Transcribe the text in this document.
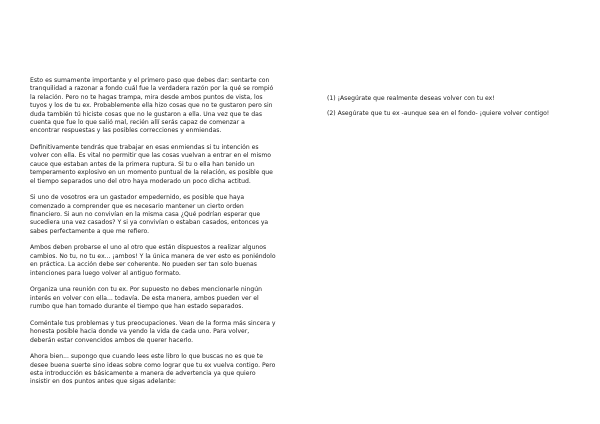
Esto es sumamente importante y el primero paso que debes dar: sentarte con tranquilidad a razonar a fondo cuál fue la verdadera razón por la qué se rompió la relación. Pero no te hagas trampa, mira desde ambos puntos de vista, los tuyos y los de tu ex. Probablemente ella hizo cosas que no te gustaron pero sin duda también tú hiciste cosas que no le gustaron a ella. Una vez que te das cuenta que fue lo que salió mal, recién allí serás capaz de comenzar a encontrar respuestas y las posibles correcciones y enmiendas.

Definitivamente tendrás que trabajar en esas enmiendas si tu intención es volver con ella. Es vital no permitir que las cosas vuelvan a entrar en el mismo cauce que estaban antes de la primera ruptura. Si tu o ella han tenido un temperamento explosivo en un momento puntual de la relación, es posible que el tiempo separados uno del otro haya moderado un poco dicha actitud.

Si uno de vosotros era un gastador empedernido, es posible que haya comenzado a comprender que es necesario mantener un cierto orden financiero. Si aun no convivían en la misma casa ¿Qué podrían esperar que sucediera una vez casados? Y si ya convivían o estaban casados, entonces ya sabes perfectamente a que me refiero.

Ambos deben probarse el uno al otro que están dispuestos a realizar algunos cambios. No tu, no tu ex... ¡ambos! Y la única manera de ver esto es poniéndolo en práctica. La acción debe ser coherente. No pueden ser tan solo buenas intenciones para luego volver al antiguo formato.

Organiza una reunión con tu ex. Por supuesto no debes mencionarle ningún interés en volver con ella... todavía. De esta manera, ambos pueden ver el rumbo que han tomado durante el tiempo que han estado separados.

Coméntale tus problemas y tus preocupaciones. Vean de la forma más sincera y honesta posible hacia donde va yendo la vida de cada uno. Para volver, deberán estar convencidos ambos de querer hacerlo.

Ahora bien... supongo que cuando lees este libro lo que buscas no es que te desee buena suerte sino ideas sobre como lograr que tu ex vuelva contigo. Pero esta introducción es básicamente a manera de advertencia ya que quiero insistir en dos puntos antes que sigas adelante:

(1) ¡Asegúrate que realmente deseas volver con tu ex!

(2) Asegúrate que tu ex -aunque sea en el fondo- ¡quiere volver contigo!
